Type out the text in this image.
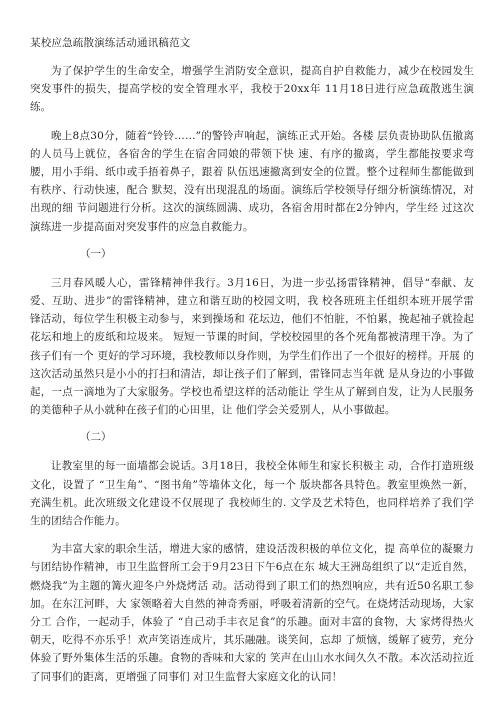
某校应急疏散演练活动通讯稿范文

为了保护学生的生命安全，增强学生消防安全意识，提高自护自救能力，减少在校园发生突发事件的损失，提高学校的安全管理水平，我校于20xx年 11月18日进行应急疏散逃生演练。

晚上8点30分，随着“铃铃……”的警铃声响起，演练正式开始。各楼 层负责协助队伍撤离的人员马上就位，各宿舍的学生在宿舍同娘的带领下快 速、有序的撤离，学生都能按要求弯腰，用小手绢、纸巾或手捂着鼻子，跟着 队伍迅速撤离到安全的位置。整个过程师生都能做到有秩序、行动快速，配合 默契，没有出现混乱的场面。演练后学校领导仔细分析演练情况，对出现的细 节问题进行分析。这次的演练圆满、成功，各宿舍用时都在2分钟内，学生经 过这次演练进一步提高面对突发事件的应急自救能力。

（一）

三月春风暖人心，雷锋精神伴我行。3月16日，为进一步弘扬雷锋精神，倡导“奉献、友爱、互助、进步”的雷锋精神，建立和谐互助的校园文明，我 校各班班主任组织本班开展学雷锋活动，每位学生积极主动参与，来到操场和 花坛边，他们不怕脏，不怕累，挽起袖子就捡起花坛和地上的废纸和垃圾来。 短短一节课的时间，学校校园里的各个死角都被清理干净。为了孩子们有一个 更好的学习环境，我校教师以身作则，为学生们作出了一个很好的榜样。开展 的这次活动虽然只是小小的打扫和清洁，却让孩子们了解到，雷锋同志当年就 是从身边的小事做起，一点一滴地为了大家服务。学校也希望这样的活动能让 学生从了解到自发，让为人民服务的美德种子从小就种在孩子们的心田里，让 他们学会关爱别人，从小事做起。

（二）

让教室里的每一面墙都会说话。3月18日，我校全体师生和家长积极主 动，合作打造班级文化，设置了 “卫生角”、“图书角”等墙体文化，每一个 版块都各具特色。教室里焕然一新，充满生机。此次班级文化建设不仅展现了 我校师生的. 文学及艺术特色，也同样培养了我们学生的团结合作能力。

为丰富大家的职余生活，增进大家的感情，建设活泼积极的单位文化，提 高单位的凝聚力与团结协作精神，市卫生监督所工会于9月23日下午6点在东 城大王洲岛组织了以“走近自然，燃烧我”为主题的篝火迎冬户外烧烤活 动。活动得到了职工们的热烈响应，共有近50名职工参加。在东江河畔，大 家领略着大自然的神奇秀丽，呼吸着清新的空气。在烧烤活动现场，大家分工 合作，一起动手，体验了 “自己动手丰衣足食”的乐趣。面对丰富的食物，大 家烤得热火朝天，吃得不亦乐乎！欢声笑语连成片，其乐融融。谈笑间，忘却 了烦恼，缓解了疲劳，充分体验了野外集体生活的乐趣。食物的香味和大家的 笑声在山山水水间久久不散。本次活动拉近了同事们的距离，更增强了同事们 对卫生监督大家庭文化的认同！
